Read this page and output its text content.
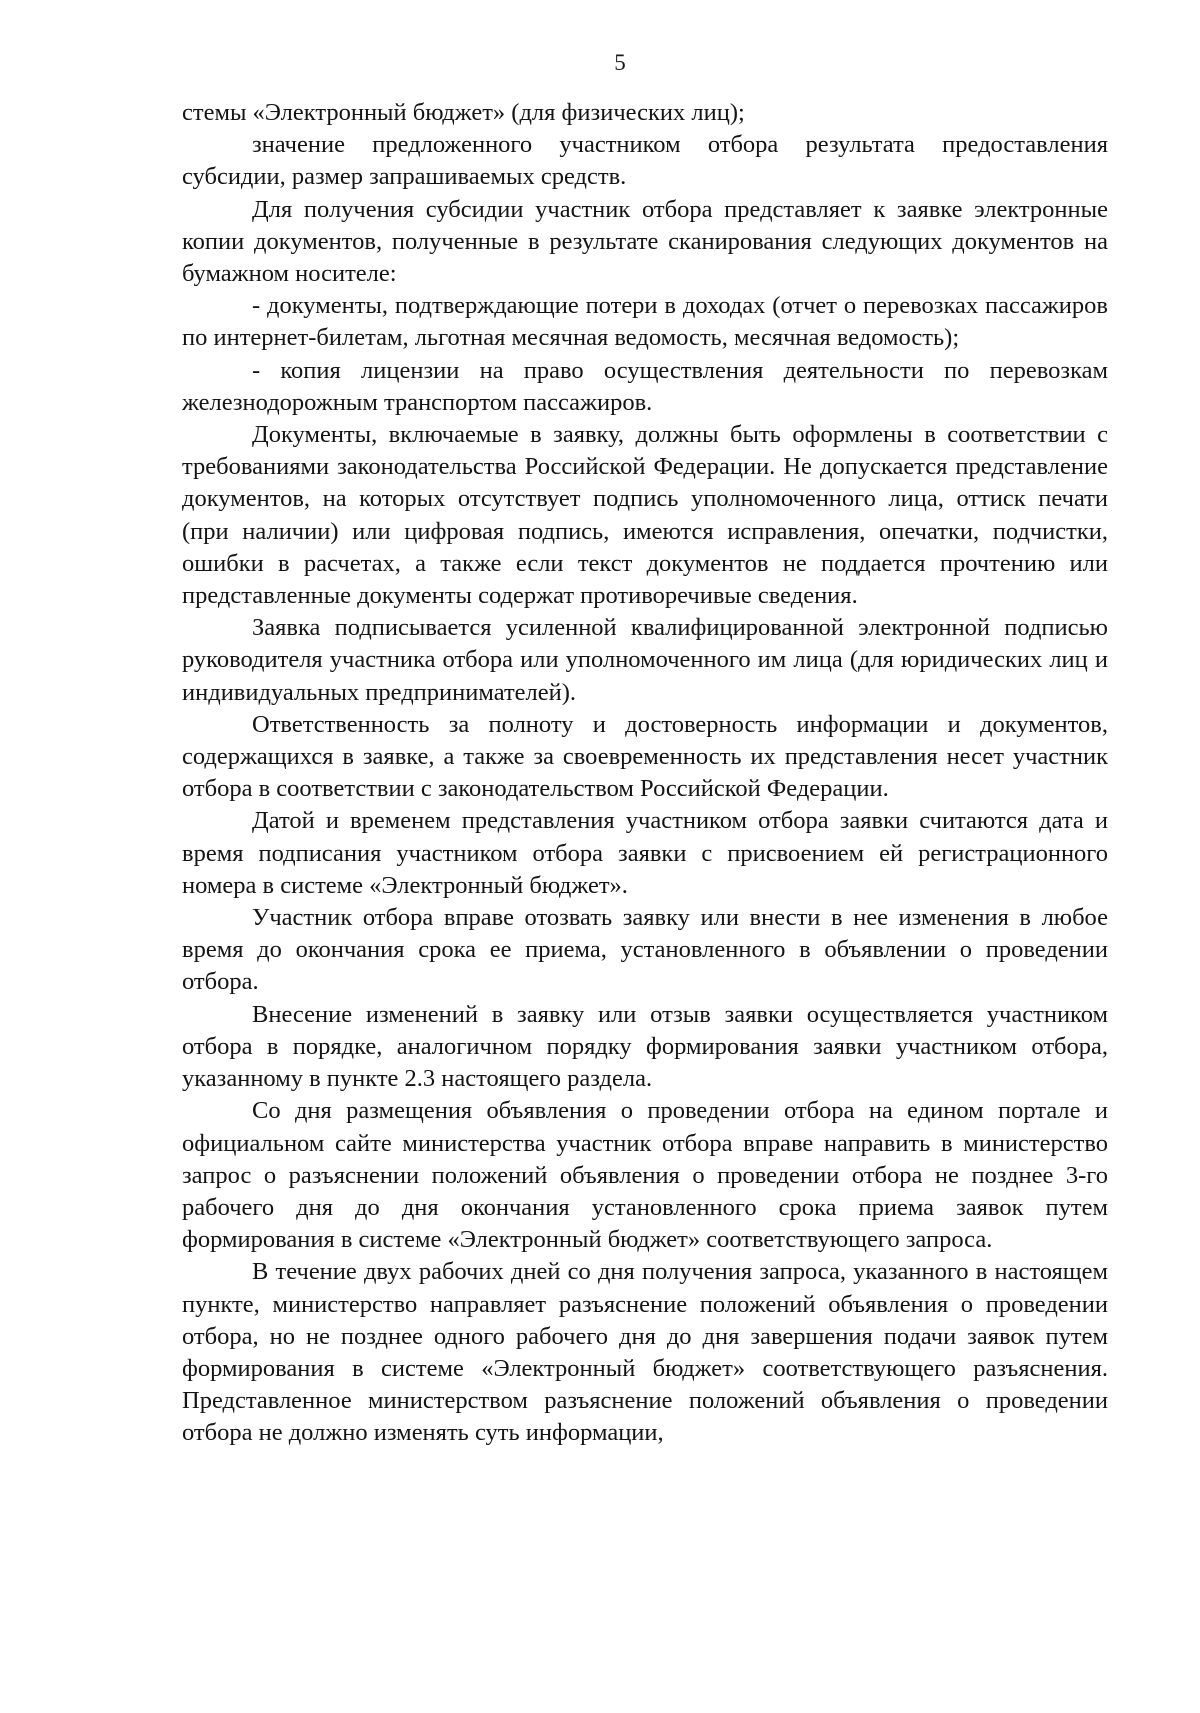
5

стемы «Электронный бюджет» (для физических лиц);

значение предложенного участником отбора результата предоставления субсидии, размер запрашиваемых средств.

Для получения субсидии участник отбора представляет к заявке электронные копии документов, полученные в результате сканирования следующих документов на бумажном носителе:

- документы, подтверждающие потери в доходах (отчет о перевозках пассажиров по интернет-билетам, льготная месячная ведомость, месячная ведомость);

- копия лицензии на право осуществления деятельности по перевозкам железнодорожным транспортом пассажиров.

Документы, включаемые в заявку, должны быть оформлены в соответствии с требованиями законодательства Российской Федерации. Не допускается представление документов, на которых отсутствует подпись уполномоченного лица, оттиск печати (при наличии) или цифровая подпись, имеются исправления, опечатки, подчистки, ошибки в расчетах, а также если текст документов не поддается прочтению или представленные документы содержат противоречивые сведения.

Заявка подписывается усиленной квалифицированной электронной подписью руководителя участника отбора или уполномоченного им лица (для юридических лиц и индивидуальных предпринимателей).

Ответственность за полноту и достоверность информации и документов, содержащихся в заявке, а также за своевременность их представления несет участник отбора в соответствии с законодательством Российской Федерации.

Датой и временем представления участником отбора заявки считаются дата и время подписания участником отбора заявки с присвоением ей регистрационного номера в системе «Электронный бюджет».

Участник отбора вправе отозвать заявку или внести в нее изменения в любое время до окончания срока ее приема, установленного в объявлении о проведении отбора.

Внесение изменений в заявку или отзыв заявки осуществляется участником отбора в порядке, аналогичном порядку формирования заявки участником отбора, указанному в пункте 2.3 настоящего раздела.

Со дня размещения объявления о проведении отбора на едином портале и официальном сайте министерства участник отбора вправе направить в министерство запрос о разъяснении положений объявления о проведении отбора не позднее 3-го рабочего дня до дня окончания установленного срока приема заявок путем формирования в системе «Электронный бюджет» соответствующего запроса.

В течение двух рабочих дней со дня получения запроса, указанного в настоящем пункте, министерство направляет разъяснение положений объявления о проведении отбора, но не позднее одного рабочего дня до дня завершения подачи заявок путем формирования в системе «Электронный бюджет» соответствующего разъяснения. Представленное министерством разъяснение положений объявления о проведении отбора не должно изменять суть информации,
